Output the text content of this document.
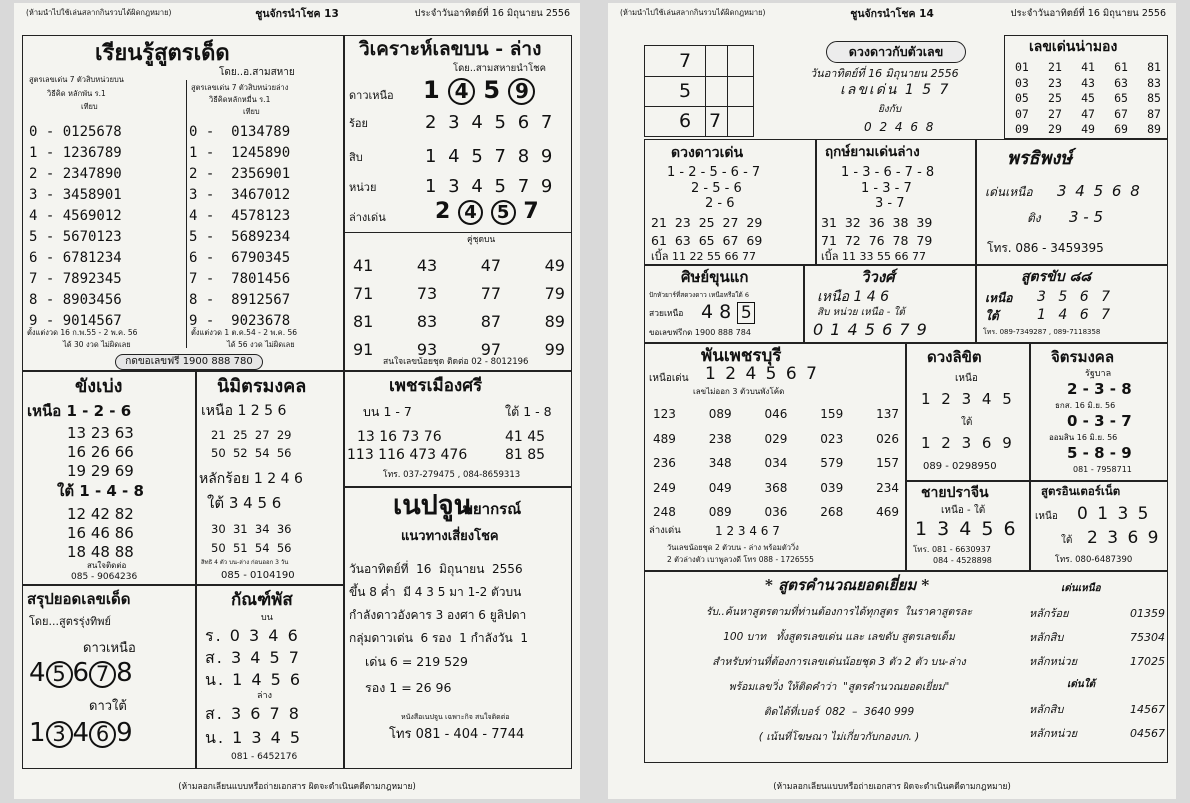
(ห้ามนำไปใช้เล่นสลากกินรวบได้ผิดกฎหมาย)	ชูนจักรนำโชค 13	ประจำวันอาทิตย์ที่ 16 มิถุนายน 2556
เรียนรู้สูตรเด็ด
โดย..อ.สามสหาย
สูตรเลขเด่น 7 ตัวสิบหน่วยบน
วิธีคิด หลักพัน ร.1
เทียบ
สูตรเลขเด่น 7 ตัวสิบหน่วยล่าง
วิธีคิดหลักหมื่น ร.1
เทียบ
0 - 0125678
1 - 1236789
2 - 2347890
3 - 3458901
4 - 4569012
5 - 5670123
6 - 6781234
7 - 7892345
8 - 8903456
9 - 9014567
0 -  0134789
1 -  1245890
2 -  2356901
3 -  3467012
4 -  4578123
5 -  5689234
6 -  6790345
7 -  7801456
8 -  8912567
9 -  9023678
ตั้งแต่งวด 16 ก.พ.55 - 2 พ.ค. 56
ได้ 30 งวด ไม่ผิดเลย
ตั้งแต่งวด 1 ต.ค.54 - 2 พ.ค. 56
ได้ 56 งวด ไม่ผิดเลย
กดขอเลขฟรี 1900 888 780
วิเคราะห์เลขบน - ล่าง
โดย..สามสหายนำโชค
ดาวเหนือ 1 4 5 9
ร้อย	2 3 4 5 6 7
สิบ	1 4 5 7 8 9
หน่วย	1 3 4 5 7 9
ล่างเด่น 2 4 5 7
คู่ชุดบน
41	43	47	49
71	73	77	79
81	83	87	89
91	93	97	99
สนใจเลขน้อยชุด ติดต่อ 02 - 8012196
ขังเบ่ง
เหนือ 1 - 2 - 6
13 23 63
16 26 66
19 29 69
ใต้ 1 - 4 - 8
12 42 82
16 46 86
18 48 88
สนใจติดต่อ
085 - 9064236
นิมิตรมงคล
เหนือ 1 2 5 6
21  25  27  29
50  52  54  56
หลักร้อย 1 2 4 6
ใต้ 3 4 5 6
30  31  34  36
50  51  54  56
สิทธิ 4 ตัว บน-ล่าง ก่อนออก 3 วัน
085 - 0104190
เพชรเมืองศรี
บน 1 - 7	ใต้ 1 - 8
13 16 73 76
113 116 473 476
41 45
81 85
โทร. 037-279475 , 084-8659313
เนปจูน
พยากรณ์
แนวทางเสี่ยงโชค
วันอาทิตย์ที่  16  มิถุนายน  2556
ขึ้น 8 ค่ำ  มี 4 3 5 มา 1-2 ตัวบน
กำลังดาวอังคาร 3 องศา 6 ยูลิปดา
กลุ่มดาวเด่น  6 รอง  1 กำลังวัน  1
เด่น 6 = 219 529
รอง 1 = 26 96
หนังสือเนปจูน เฉพาะกิจ สนใจติดต่อ
โทร 081 - 404 - 7744
สรุปยอดเลขเด็ด
โดย...สูตรรุ่งทิพย์
ดาวเหนือ
4 5 6 7 8
ดาวใต้
1 3 4 6 9
กัณฑ์พัส
บน
ร. 0 3 4 6
ส. 3 4 5 7
น. 1 4 5 6
ล่าง
ส. 3 6 7 8
น. 1 3 4 5
081 - 6452176
(ห้ามลอกเลียนแบบหรือถ่ายเอกสาร ผิดจะดำเนินคดีตามกฎหมาย)
(ห้ามนำไปใช้เล่นสลากกินรวบได้ผิดกฎหมาย)	ชูนจักรนำโชค 14	ประจำวันอาทิตย์ที่ 16 มิถุนายน 2556
7
5
6 7
ดวงดาวกับตัวเลข
วันอาทิตย์ที่ 16 มิถุนายน 2556
เลขเด่น 1 5 7
ยิงกับ
0 2 4 6 8
เลขเด่นน่ามอง
01 21 41 61 81
03 23 43 63 83
05 25 45 65 85
07 27 47 67 87
09 29 49 69 89
ดวงดาวเด่น
1 - 2 - 5 - 6 - 7
2 - 5 - 6
2 - 6
21  23  25  27  29
61  63  65  67  69
เบิ้ล 11 22 55 66 77
ฤกษ์ยามเด่นล่าง
1 - 3 - 6 - 7 - 8
1 - 3 - 7
3 - 7
31  32  36  38  39
71  72  76  78  79
เบิ้ล 11 33 55 66 77
พรธิพงษ์
เด่นเหนือ 3 4 5 6 8
ติง 3 - 5
โทร. 086 - 3459395
ศิษย์ขุนแก
ปักหัวยาร์ที่สดวงดาว เหนือหรือใต้ 6
สวยเหนือ 4 8 5
ขอเลขฟรีกด 1900 888 784
วิวงศ์
เหนือ 1 4 6
สิบ หน่วย เหนือ - ใต้
0 1 4 5 6 7 9
สูตรขับ ๘๘
เหนือ 3 5 6 7
ใต้	1 4 6 7
โทร. 089-7349287 , 089-7118358
พันเพชรบุรี
เหนือเด่น 1 2 4 5 6 7
เลขไม่ออก 3 ตัวบนพังโค้ด
123	089	046	159	137
489	238	029	023	026
236	348	034	579	157
249	049	368	039	234
248	089	036	268	469
ล่างเด่น	1 2 3 4 6 7
วันเลขน้อยชุด 2 ตัวบน - ล่าง พร้อมตัววิ่ง
2 ตัวล่างตัว เบาพูลวงดี โทร 088 - 1726555
ดวงลิขิต
เหนือ
1 2 3 4 5
ใต้
1 2 3 6 9
089 - 0298950
จิตรมงคล
รัฐบาล
2 - 3 - 8
ธกส. 16 มิ.ย. 56
0 - 3 - 7
ออมสิน 16 มิ.ย. 56
5 - 8 - 9
081 - 7958711
ชายปราจีน
เหนือ - ใต้
1 3 4 5 6
โทร. 081 - 6630937
084 - 4528898
สูตรอินเตอร์เน็ต
เหนือ 0 1 3 5
ใต้ 2 3 6 9
โทร. 080-6487390
* สูตรคำนวณยอดเยี่ยม *
รับ..ค้นหาสูตรตามที่ท่านต้องการได้ทุกสูตร  ในราคาสูตรละ
100 บาท   ทั้งสูตรเลขเด่น และ เลขดับ สูตรเลขเด็ม
สำหรับท่านที่ต้องการเลขเด่นน้อยชุด 3 ตัว 2 ตัว บน-ล่าง
พร้อมเลขวิ่ง ให้ติดคำว่า  "สูตรคำนวณยอดเยี่ยม"
ติดได้ที่เบอร์  082  –  3640 999
( เน้นที่โฆษณา ไม่เกี่ยวกับกองบก. )
เด่นเหนือ
หลักร้อย	01359
หลักสิบ	75304
หลักหน่วย	17025
เด่นใต้
หลักสิบ	14567
หลักหน่วย	04567
(ห้ามลอกเลียนแบบหรือถ่ายเอกสาร ผิดจะดำเนินคดีตามกฎหมาย)
